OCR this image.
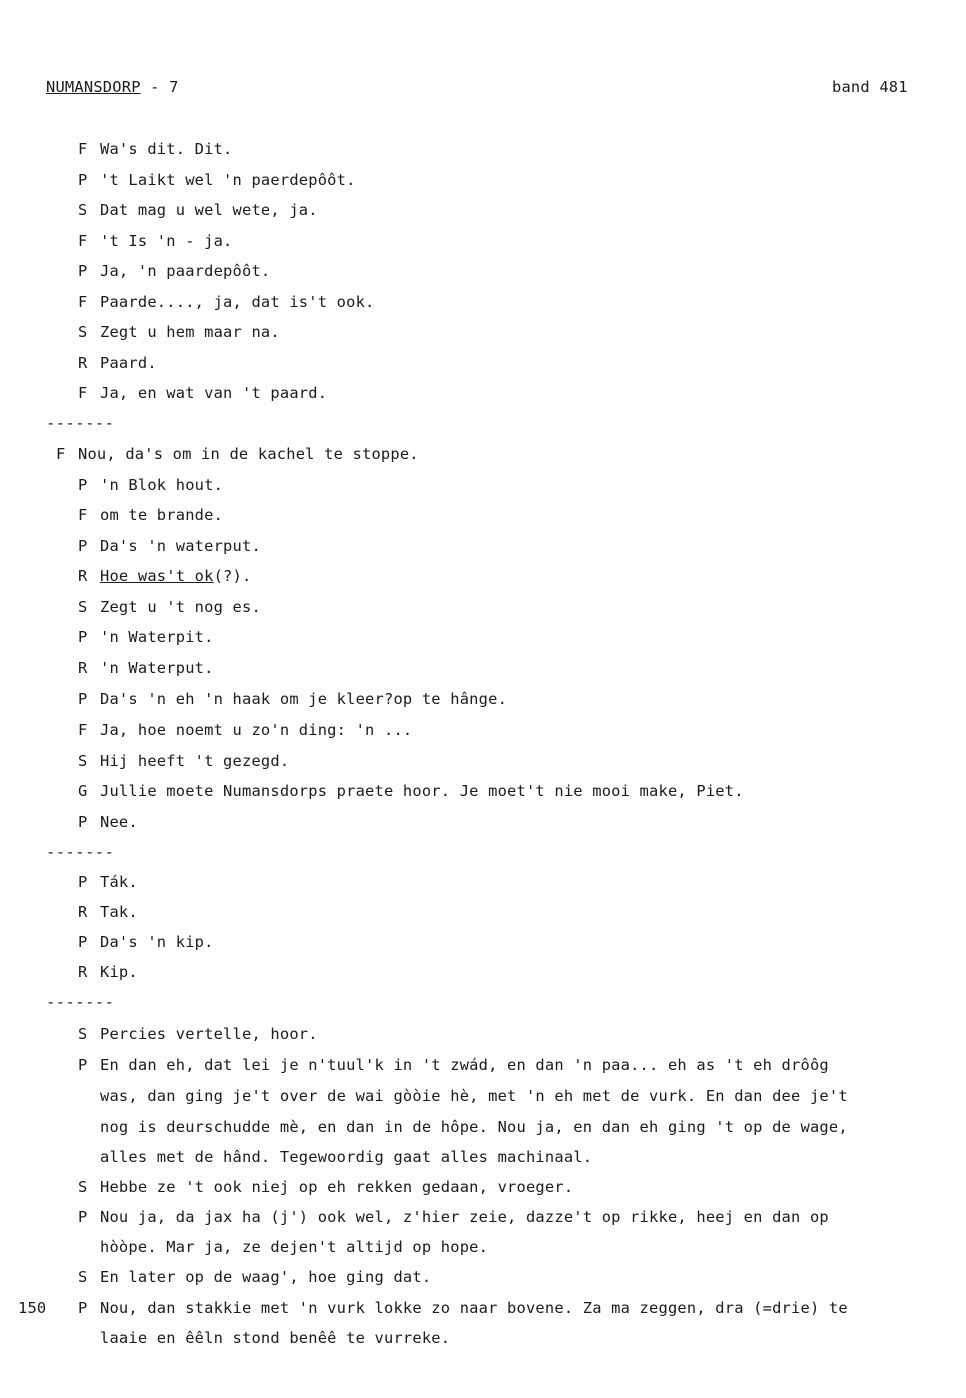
NUMANSDORP - 7	band 481
F Wa's dit. Dit.
P 't Laikt wel 'n paerdepôôt.
S Dat mag u wel wete, ja.
F 't Is 'n - ja.
P Ja, 'n paardepôôt.
F Paarde...., ja, dat is't ook.
S Zegt u hem maar na.
R Paard.
F Ja, en wat van 't paard.
-------
F Nou, da's om in de kachel te stoppe.
P 'n Blok hout.
F om te brande.
P Da's 'n waterput.
R Hoe was't ok(?).
S Zegt u 't nog es.
P 'n Waterpit.
R 'n Waterput.
P Da's 'n eh 'n haak om je kleer?op te hânge.
F Ja, hoe noemt u zo'n ding: 'n ...
S Hij heeft 't gezegd.
G Jullie moete Numansdorps praete hoor. Je moet't nie mooi make, Piet.
P Nee.
-------
P Ták.
R Tak.
P Da's 'n kip.
R Kip.
-------
S Percies vertelle, hoor.
P En dan eh, dat lei je n'tuul'k in 't zwád, en dan 'n paa... eh as 't eh drôôg
was, dan ging je't over de wai gòòie hè, met 'n eh met de vurk. En dan dee je't
nog is deurschudde mè, en dan in de hôpe. Nou ja, en dan eh ging 't op de wage,
alles met de hând. Tegewoordig gaat alles machinaal.
S Hebbe ze 't ook niej op eh rekken gedaan, vroeger.
P Nou ja, da jax ha (j') ook wel, z'hier zeie, dazze't op rikke, heej en dan op
hòòpe. Mar ja, ze dejen't altijd op hope.
S En later op de waag', hoe ging dat.
P Nou, dan stakkie met 'n vurk lokke zo naar bovene. Za ma zeggen, dra (=drie) te
laaie en êêln stond benêê te vurreke.
150
